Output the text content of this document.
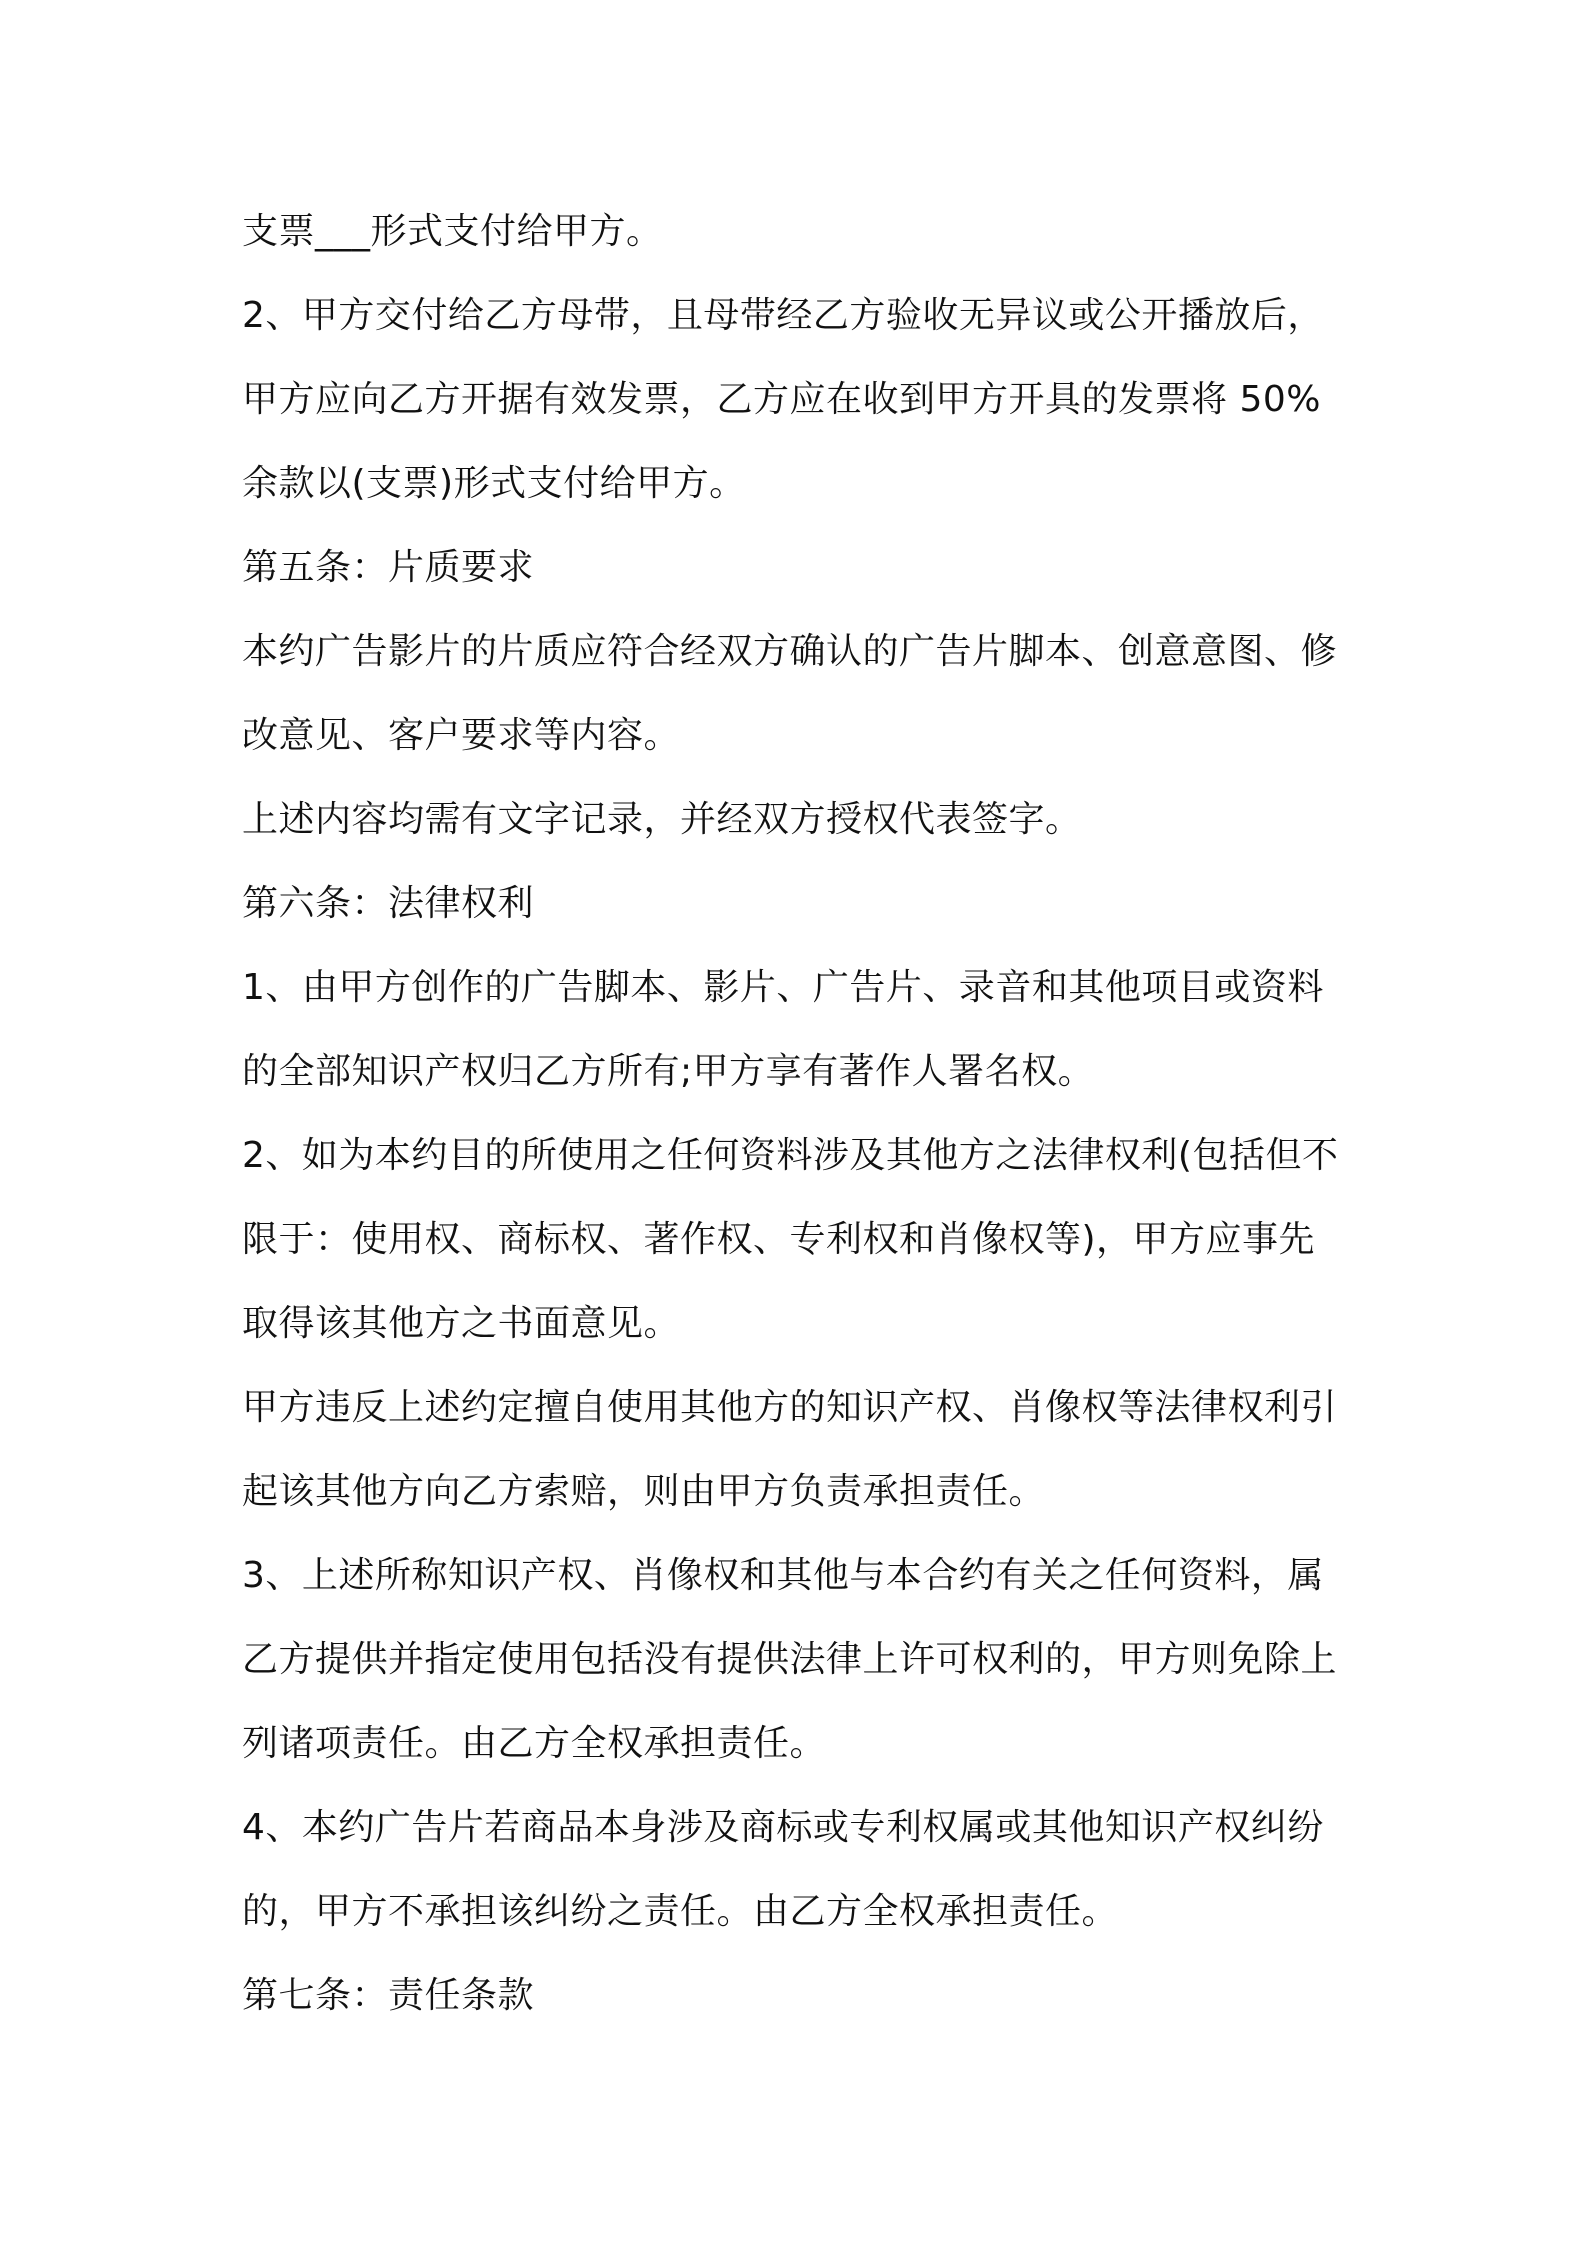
支票___形式支付给甲方。
2、甲方交付给乙方母带，且母带经乙方验收无异议或公开播放后，
甲方应向乙方开据有效发票，乙方应在收到甲方开具的发票将 50%
余款以(支票)形式支付给甲方。
第五条：片质要求
本约广告影片的片质应符合经双方确认的广告片脚本、创意意图、修
改意见、客户要求等内容。
上述内容均需有文字记录，并经双方授权代表签字。
第六条：法律权利
1、由甲方创作的广告脚本、影片、广告片、录音和其他项目或资料
的全部知识产权归乙方所有;甲方享有著作人署名权。
2、如为本约目的所使用之任何资料涉及其他方之法律权利(包括但不
限于：使用权、商标权、著作权、专利权和肖像权等)，甲方应事先
取得该其他方之书面意见。
甲方违反上述约定擅自使用其他方的知识产权、肖像权等法律权利引
起该其他方向乙方索赔，则由甲方负责承担责任。
3、上述所称知识产权、肖像权和其他与本合约有关之任何资料，属
乙方提供并指定使用包括没有提供法律上许可权利的，甲方则免除上
列诸项责任。由乙方全权承担责任。
4、本约广告片若商品本身涉及商标或专利权属或其他知识产权纠纷
的，甲方不承担该纠纷之责任。由乙方全权承担责任。
第七条：责任条款
